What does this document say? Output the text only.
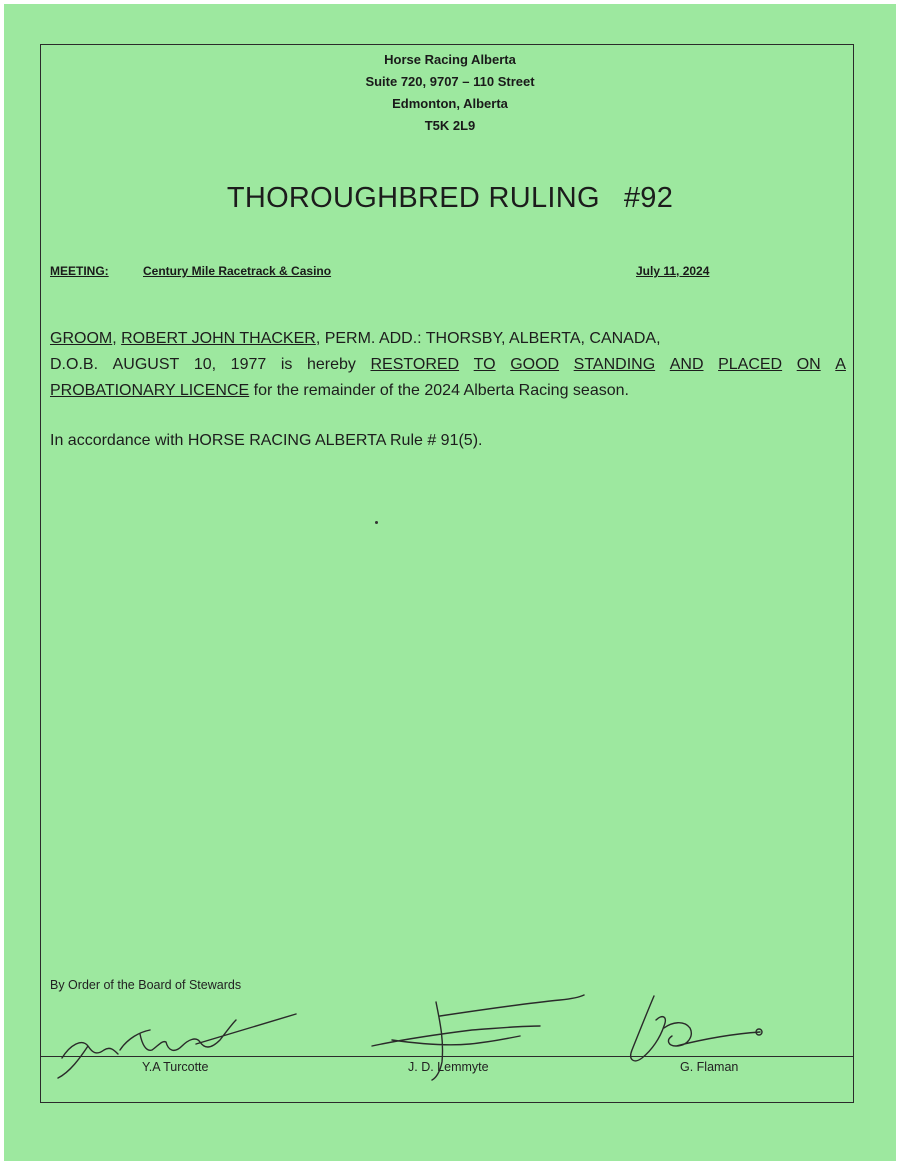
Horse Racing Alberta
Suite 720, 9707 – 110 Street
Edmonton, Alberta
T5K 2L9
THOROUGHBRED RULING #92
MEETING:	Century Mile Racetrack & Casino	July 11, 2024
GROOM, ROBERT JOHN THACKER, PERM. ADD.: THORSBY, ALBERTA, CANADA,
D.O.B. AUGUST 10, 1977 is hereby RESTORED TO GOOD STANDING AND PLACED ON A
PROBATIONARY LICENCE for the remainder of the 2024 Alberta Racing season.
In accordance with HORSE RACING ALBERTA Rule # 91(5).
By Order of the Board of Stewards
Y.A Turcotte	J. D. Lemmyte	G. Flaman
